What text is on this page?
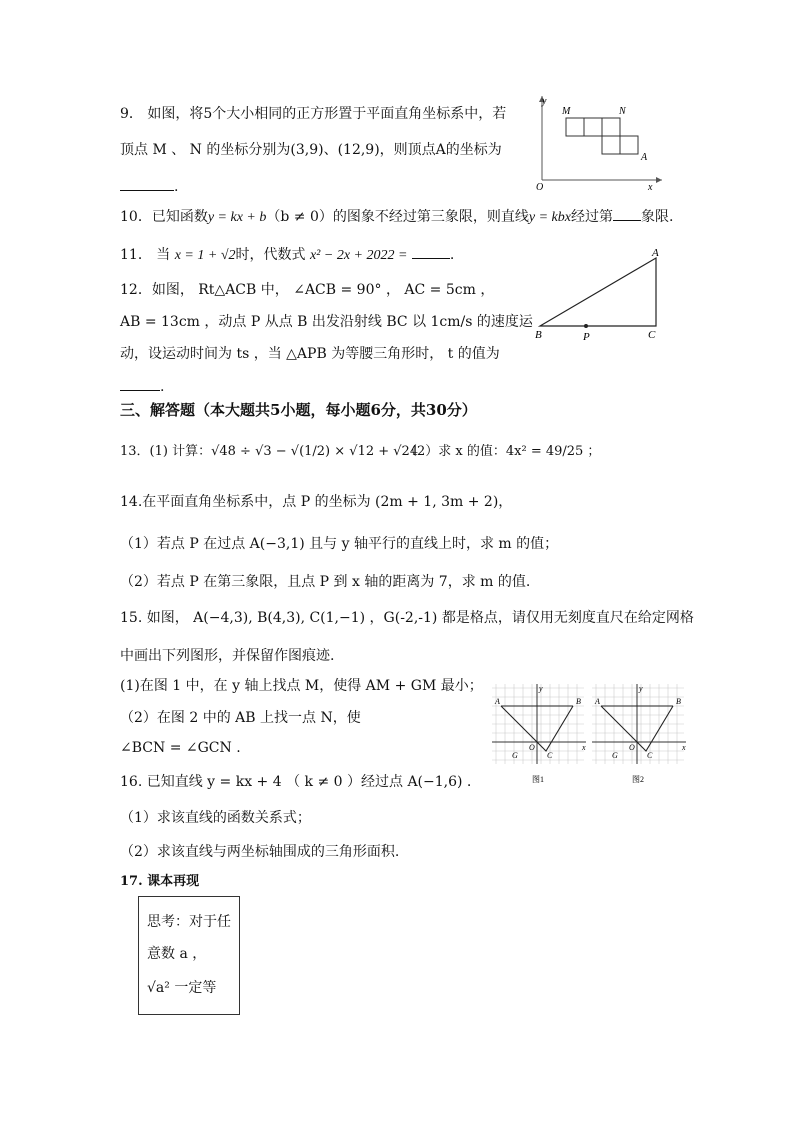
9． 如图，将5个大小相同的正方形置于平面直角坐标系中，若
顶点 M 、 N 的坐标分别为(3,9)、(12,9)，则顶点A的坐标为
.
y
x
O
M	N
A
10．已知函数y = kx + b（b ≠ 0）的图象不经过第三象限，则直线y = kbx经过第 象限.
11． 当 x = 1 + √2时，代数式 x² − 2x + 2022 =	.
12．如图， Rt△ACB 中， ∠ACB = 90° ， AC = 5cm ，
AB = 13cm ，动点 P 从点 B 出发沿射线 BC 以 1cm/s 的速度运
动，设运动时间为 ts ，当 △APB 为等腰三角形时， t 的值为
.
A
B	C
P
三、解答题（本大题共5小题，每小题6分，共30分）
13．(1) 计算：√48 ÷ √3 − √(1/2) × √12 + √24
（2）求 x 的值：4x² = 49/25 ；
14.在平面直角坐标系中，点 P 的坐标为 (2m + 1, 3m + 2)，
（1）若点 P 在过点 A(−3,1) 且与 y 轴平行的直线上时，求 m 的值；
（2）若点 P 在第三象限，且点 P 到 x 轴的距离为 7，求 m 的值.
15. 如图， A(−4,3), B(4,3), C(1,−1) ，G(-2,-1) 都是格点，请仅用无刻度直尺在给定网格
中画出下列图形，并保留作图痕迹.
(1)在图 1 中，在 y 轴上找点 M，使得 AM + GM 最小；
（2）在图 2 中的 AB 上找一点 N，使
∠BCN = ∠GCN .
A	B
C
G
O	x
y
图1
A	B
C
G
O	x
y
图2
16. 已知直线 y = kx + 4 （ k ≠ 0 ）经过点 A(−1,6) .
（1）求该直线的函数关系式；
（2）求该直线与两坐标轴围成的三角形面积.
17. 课本再现
思考：对于任
意数 a ，
√a² 一定等
